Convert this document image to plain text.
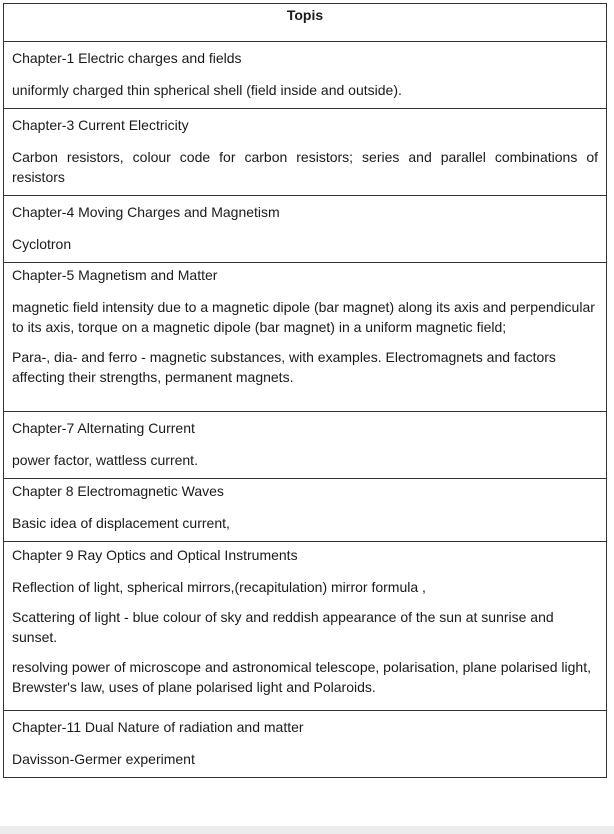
Topis

Chapter-1 Electric charges and fields

uniformly charged thin spherical shell (field inside and outside).

Chapter-3 Current Electricity

Carbon resistors, colour code for carbon resistors; series and parallel combinations of resistors

Chapter-4 Moving Charges and Magnetism

Cyclotron

Chapter-5 Magnetism and Matter

magnetic field intensity due to a magnetic dipole (bar magnet) along its axis and perpendicular to its axis, torque on a magnetic dipole (bar magnet) in a uniform magnetic field;

Para-, dia- and ferro - magnetic substances, with examples. Electromagnets and factors affecting their strengths, permanent magnets.

Chapter-7 Alternating Current

power factor, wattless current.

Chapter 8 Electromagnetic Waves

Basic idea of displacement current,

Chapter 9 Ray Optics and Optical Instruments

Reflection of light, spherical mirrors,(recapitulation) mirror formula ,

Scattering of light - blue colour of sky and reddish appearance of the sun at sunrise and sunset.

resolving power of microscope and astronomical telescope, polarisation, plane polarised light, Brewster's law, uses of plane polarised light and Polaroids.

Chapter-11 Dual Nature of radiation and matter

Davisson-Germer experiment
